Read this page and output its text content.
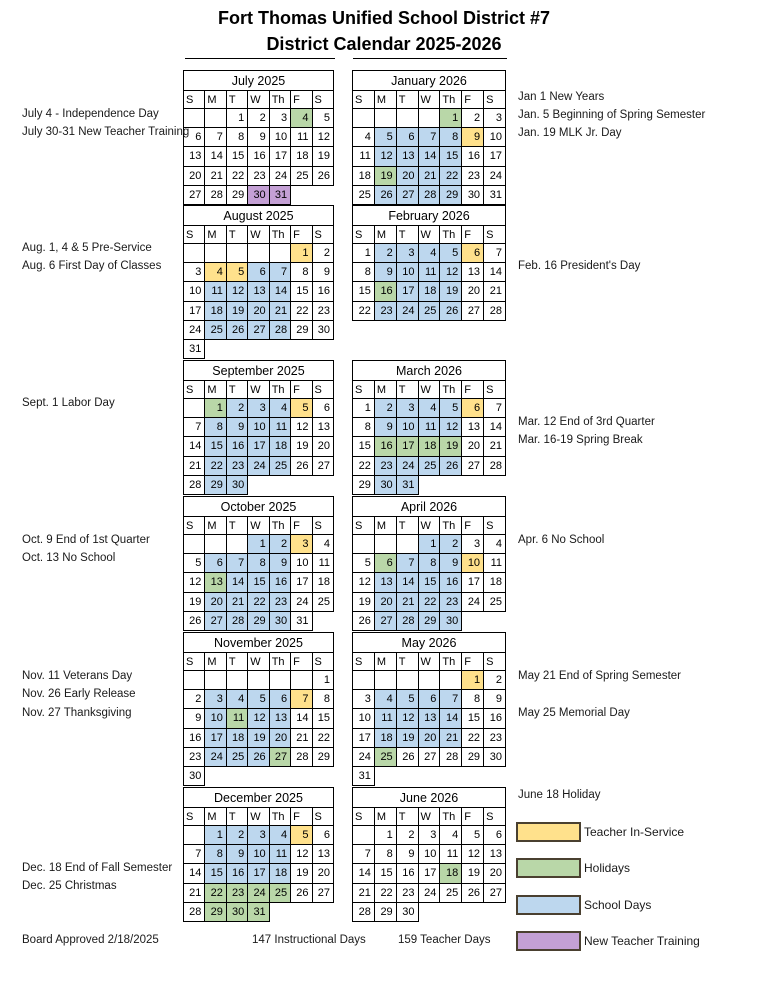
Fort Thomas Unified School District #7
District Calendar 2025-2026
July 2025						
S	M	T	W	Th	F	S
		1	2	3	4	5
6	7	8	9	10	11	12
13	14	15	16	17	18	19
20	21	22	23	24	25	26
27	28	29	30	31		
August 2025						
S	M	T	W	Th	F	S
					1	2
3	4	5	6	7	8	9
10	11	12	13	14	15	16
17	18	19	20	21	22	23
24	25	26	27	28	29	30
31						
September 2025						
S	M	T	W	Th	F	S
	1	2	3	4	5	6
7	8	9	10	11	12	13
14	15	16	17	18	19	20
21	22	23	24	25	26	27
28	29	30				
October 2025						
S	M	T	W	Th	F	S
			1	2	3	4
5	6	7	8	9	10	11
12	13	14	15	16	17	18
19	20	21	22	23	24	25
26	27	28	29	30	31	
November 2025						
S	M	T	W	Th	F	S
						1
2	3	4	5	6	7	8
9	10	11	12	13	14	15
16	17	18	19	20	21	22
23	24	25	26	27	28	29
30						
December 2025						
S	M	T	W	Th	F	S
	1	2	3	4	5	6
7	8	9	10	11	12	13
14	15	16	17	18	19	20
21	22	23	24	25	26	27
28	29	30	31			
January 2026						
S	M	T	W	Th	F	S
				1	2	3
4	5	6	7	8	9	10
11	12	13	14	15	16	17
18	19	20	21	22	23	24
25	26	27	28	29	30	31
February 2026						
S	M	T	W	Th	F	S
1	2	3	4	5	6	7
8	9	10	11	12	13	14
15	16	17	18	19	20	21
22	23	24	25	26	27	28
March 2026						
S	M	T	W	Th	F	S
1	2	3	4	5	6	7
8	9	10	11	12	13	14
15	16	17	18	19	20	21
22	23	24	25	26	27	28
29	30	31				
April 2026						
S	M	T	W	Th	F	S
			1	2	3	4
5	6	7	8	9	10	11
12	13	14	15	16	17	18
19	20	21	22	23	24	25
26	27	28	29	30		
May 2026						
S	M	T	W	Th	F	S
					1	2
3	4	5	6	7	8	9
10	11	12	13	14	15	16
17	18	19	20	21	22	23
24	25	26	27	28	29	30
31						
June 2026						
S	M	T	W	Th	F	S
	1	2	3	4	5	6
7	8	9	10	11	12	13
14	15	16	17	18	19	20
21	22	23	24	25	26	27
28	29	30				
July 4 - Independence Day
July 30-31 New Teacher Training
Aug. 1, 4 & 5 Pre-Service
Aug. 6 First Day of Classes
Sept. 1 Labor Day
Oct. 9 End of 1st Quarter
Oct. 13 No School
Nov. 11 Veterans Day
Nov. 26 Early Release
Nov. 27 Thanksgiving
Dec. 18 End of Fall Semester
Dec. 25 Christmas
Jan 1 New Years
Jan. 5 Beginning of Spring Semester
Jan. 19 MLK Jr. Day
Feb. 16 President's Day
Mar. 12 End of 3rd Quarter
Mar. 16-19 Spring Break
Apr. 6 No School
May 21 End of Spring Semester
May 25 Memorial Day
June 18 Holiday
Teacher In-Service
Holidays
School Days
New Teacher Training
Board Approved 2/18/2025	147 Instructional Days	159 Teacher Days
